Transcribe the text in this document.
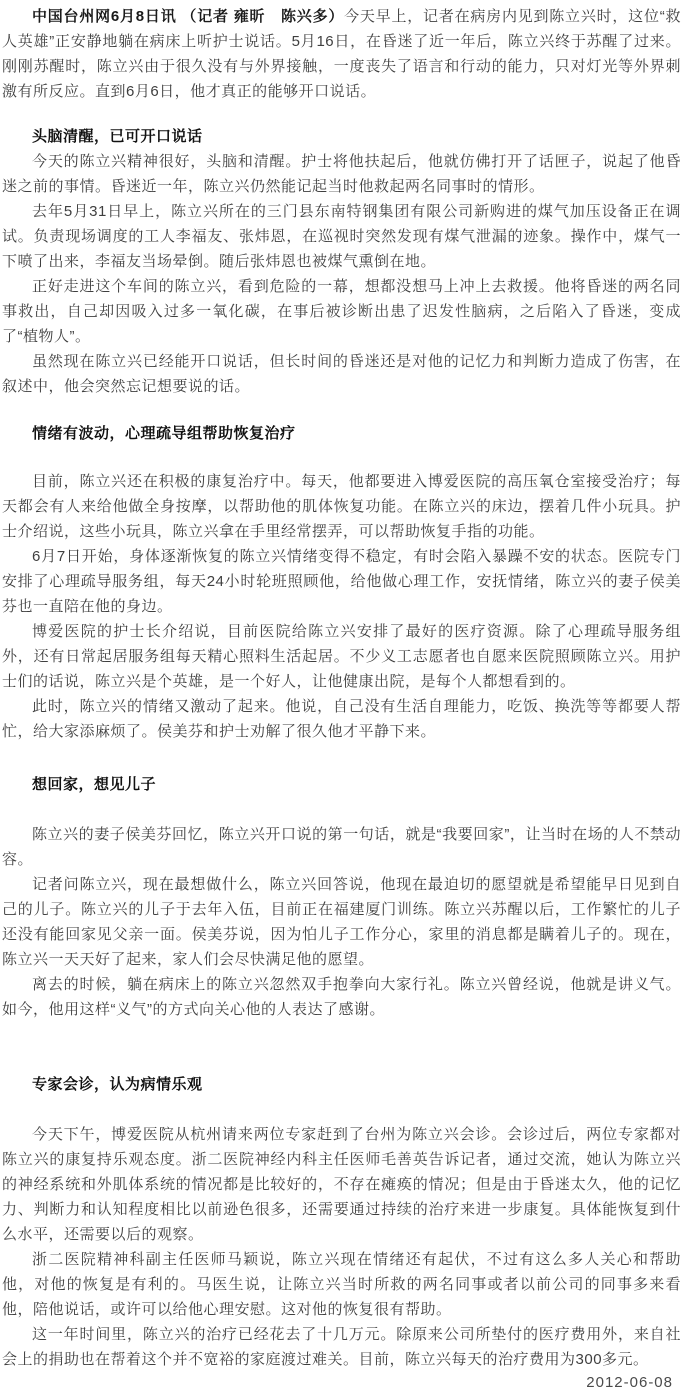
中国台州网6月8日讯 （记者 雍昕　陈兴多）今天早上，记者在病房内见到陈立兴时，这位“救人英雄”正安静地躺在病床上听护士说话。5月16日，在昏迷了近一年后，陈立兴终于苏醒了过来。刚刚苏醒时，陈立兴由于很久没有与外界接触，一度丧失了语言和行动的能力，只对灯光等外界刺激有所反应。直到6月6日，他才真正的能够开口说话。

头脑清醒，已可开口说话

今天的陈立兴精神很好，头脑和清醒。护士将他扶起后，他就仿佛打开了话匣子，说起了他昏迷之前的事情。昏迷近一年，陈立兴仍然能记起当时他救起两名同事时的情形。

去年5月31日早上，陈立兴所在的三门县东南特钢集团有限公司新购进的煤气加压设备正在调试。负责现场调度的工人李福友、张炜恩，在巡视时突然发现有煤气泄漏的迹象。操作中，煤气一下喷了出来，李福友当场晕倒。随后张炜恩也被煤气熏倒在地。

正好走进这个车间的陈立兴，看到危险的一幕，想都没想马上冲上去救援。他将昏迷的两名同事救出，自己却因吸入过多一氧化碳，在事后被诊断出患了迟发性脑病，之后陷入了昏迷，变成了“植物人”。

虽然现在陈立兴已经能开口说话，但长时间的昏迷还是对他的记忆力和判断力造成了伤害，在叙述中，他会突然忘记想要说的话。

情绪有波动，心理疏导组帮助恢复治疗

目前，陈立兴还在积极的康复治疗中。每天，他都要进入博爱医院的高压氧仓室接受治疗；每天都会有人来给他做全身按摩，以帮助他的肌体恢复功能。在陈立兴的床边，摆着几件小玩具。护士介绍说，这些小玩具，陈立兴拿在手里经常摆弄，可以帮助恢复手指的功能。

6月7日开始，身体逐渐恢复的陈立兴情绪变得不稳定，有时会陷入暴躁不安的状态。医院专门安排了心理疏导服务组，每天24小时轮班照顾他，给他做心理工作，安抚情绪，陈立兴的妻子侯美芬也一直陪在他的身边。

博爱医院的护士长介绍说，目前医院给陈立兴安排了最好的医疗资源。除了心理疏导服务组外，还有日常起居服务组每天精心照料生活起居。不少义工志愿者也自愿来医院照顾陈立兴。用护士们的话说，陈立兴是个英雄，是一个好人，让他健康出院，是每个人都想看到的。

此时，陈立兴的情绪又激动了起来。他说，自己没有生活自理能力，吃饭、换洗等等都要人帮忙，给大家添麻烦了。侯美芬和护士劝解了很久他才平静下来。

想回家，想见儿子

陈立兴的妻子侯美芬回忆，陈立兴开口说的第一句话，就是“我要回家”，让当时在场的人不禁动容。

记者问陈立兴，现在最想做什么，陈立兴回答说，他现在最迫切的愿望就是希望能早日见到自己的儿子。陈立兴的儿子于去年入伍，目前正在福建厦门训练。陈立兴苏醒以后，工作繁忙的儿子还没有能回家见父亲一面。侯美芬说，因为怕儿子工作分心，家里的消息都是瞒着儿子的。现在，陈立兴一天天好了起来，家人们会尽快满足他的愿望。

离去的时候，躺在病床上的陈立兴忽然双手抱拳向大家行礼。陈立兴曾经说，他就是讲义气。如今，他用这样“义气”的方式向关心他的人表达了感谢。

专家会诊，认为病情乐观

今天下午，博爱医院从杭州请来两位专家赶到了台州为陈立兴会诊。会诊过后，两位专家都对陈立兴的康复持乐观态度。浙二医院神经内科主任医师毛善英告诉记者，通过交流，她认为陈立兴的神经系统和外肌体系统的情况都是比较好的，不存在瘫痪的情况；但是由于昏迷太久，他的记忆力、判断力和认知程度相比以前逊色很多，还需要通过持续的治疗来进一步康复。具体能恢复到什么水平，还需要以后的观察。

浙二医院精神科副主任医师马颖说，陈立兴现在情绪还有起伏，不过有这么多人关心和帮助他，对他的恢复是有利的。马医生说，让陈立兴当时所救的两名同事或者以前公司的同事多来看他，陪他说话，或许可以给他心理安慰。这对他的恢复很有帮助。

这一年时间里，陈立兴的治疗已经花去了十几万元。除原来公司所垫付的医疗费用外，来自社会上的捐助也在帮着这个并不宽裕的家庭渡过难关。目前，陈立兴每天的治疗费用为300多元。

2012-06-08
